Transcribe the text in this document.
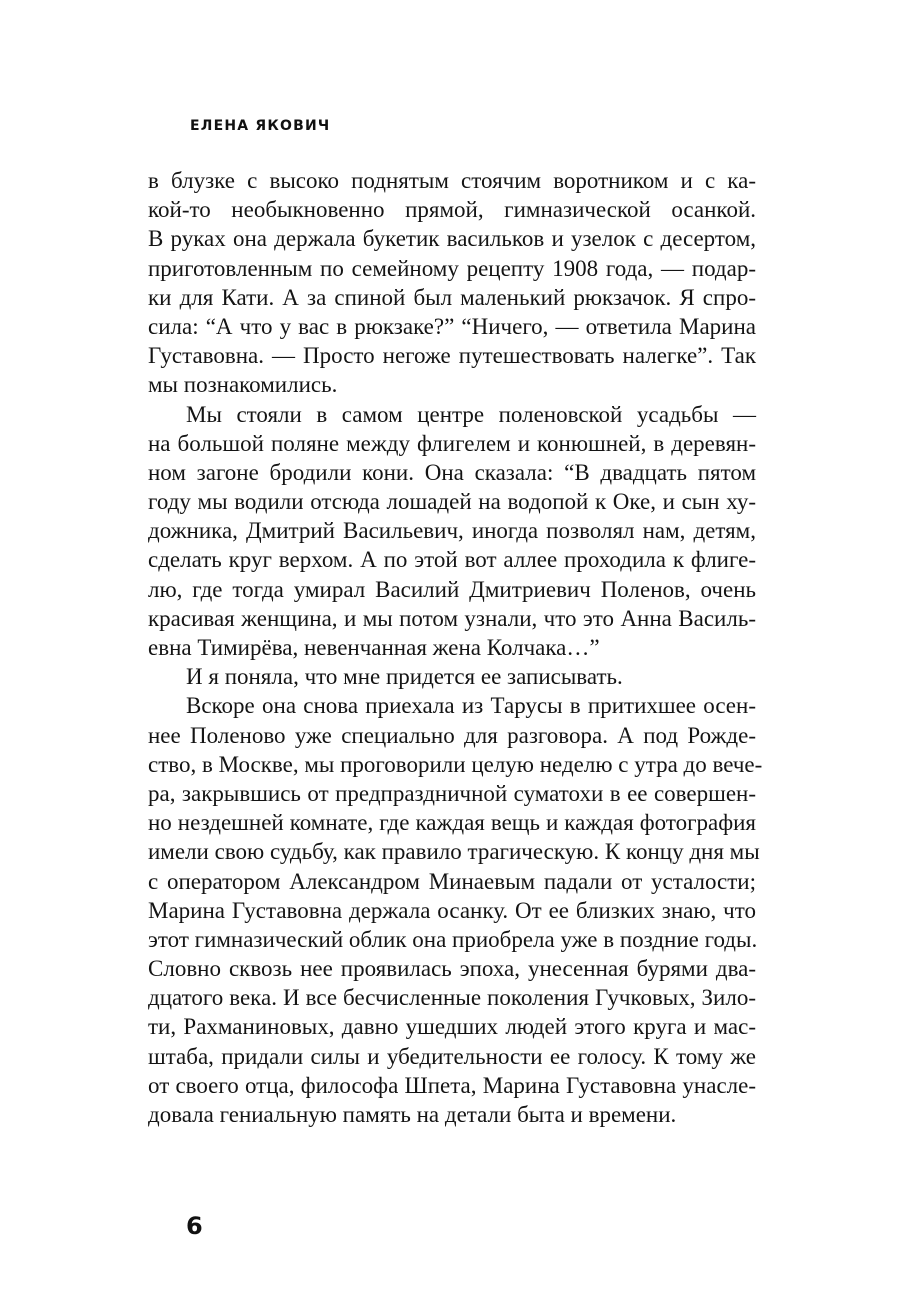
ЕЛЕНА ЯКОВИЧ
в блузке с высоко поднятым стоячим воротником и с ка-
кой-то необыкновенно прямой, гимназической осанкой.
В руках она держала букетик васильков и узелок с десертом,
приготовленным по семейному рецепту 1908 года, — подар-
ки для Кати. А за спиной был маленький рюкзачок. Я спро-
сила: “А что у вас в рюкзаке?” “Ничего, — ответила Марина
Густавовна. — Просто негоже путешествовать налегке”. Так
мы познакомились.
Мы стояли в самом центре поленовской усадьбы —
на большой поляне между флигелем и конюшней, в деревян-
ном загоне бродили кони. Она сказала: “В двадцать пятом
году мы водили отсюда лошадей на водопой к Оке, и сын ху-
дожника, Дмитрий Васильевич, иногда позволял нам, детям,
сделать круг верхом. А по этой вот аллее проходила к флиге-
лю, где тогда умирал Василий Дмитриевич Поленов, очень
красивая женщина, и мы потом узнали, что это Анна Василь-
евна Тимирёва, невенчанная жена Колчака…”
И я поняла, что мне придется ее записывать.
Вскоре она снова приехала из Тарусы в притихшее осен-
нее Поленово уже специально для разговора. А под Рожде-
ство, в Москве, мы проговорили целую неделю с утра до вече-
ра, закрывшись от предпраздничной суматохи в ее совершен-
но нездешней комнате, где каждая вещь и каждая фотография
имели свою судьбу, как правило трагическую. К концу дня мы
с оператором Александром Минаевым падали от усталости;
Марина Густавовна держала осанку. От ее близких знаю, что
этот гимназический облик она приобрела уже в поздние годы.
Словно сквозь нее проявилась эпоха, унесенная бурями два-
дцатого века. И все бесчисленные поколения Гучковых, Зило-
ти, Рахманиновых, давно ушедших людей этого круга и мас-
штаба, придали силы и убедительности ее голосу. К тому же
от своего отца, философа Шпета, Марина Густавовна унасле-
довала гениальную память на детали быта и времени.
6
